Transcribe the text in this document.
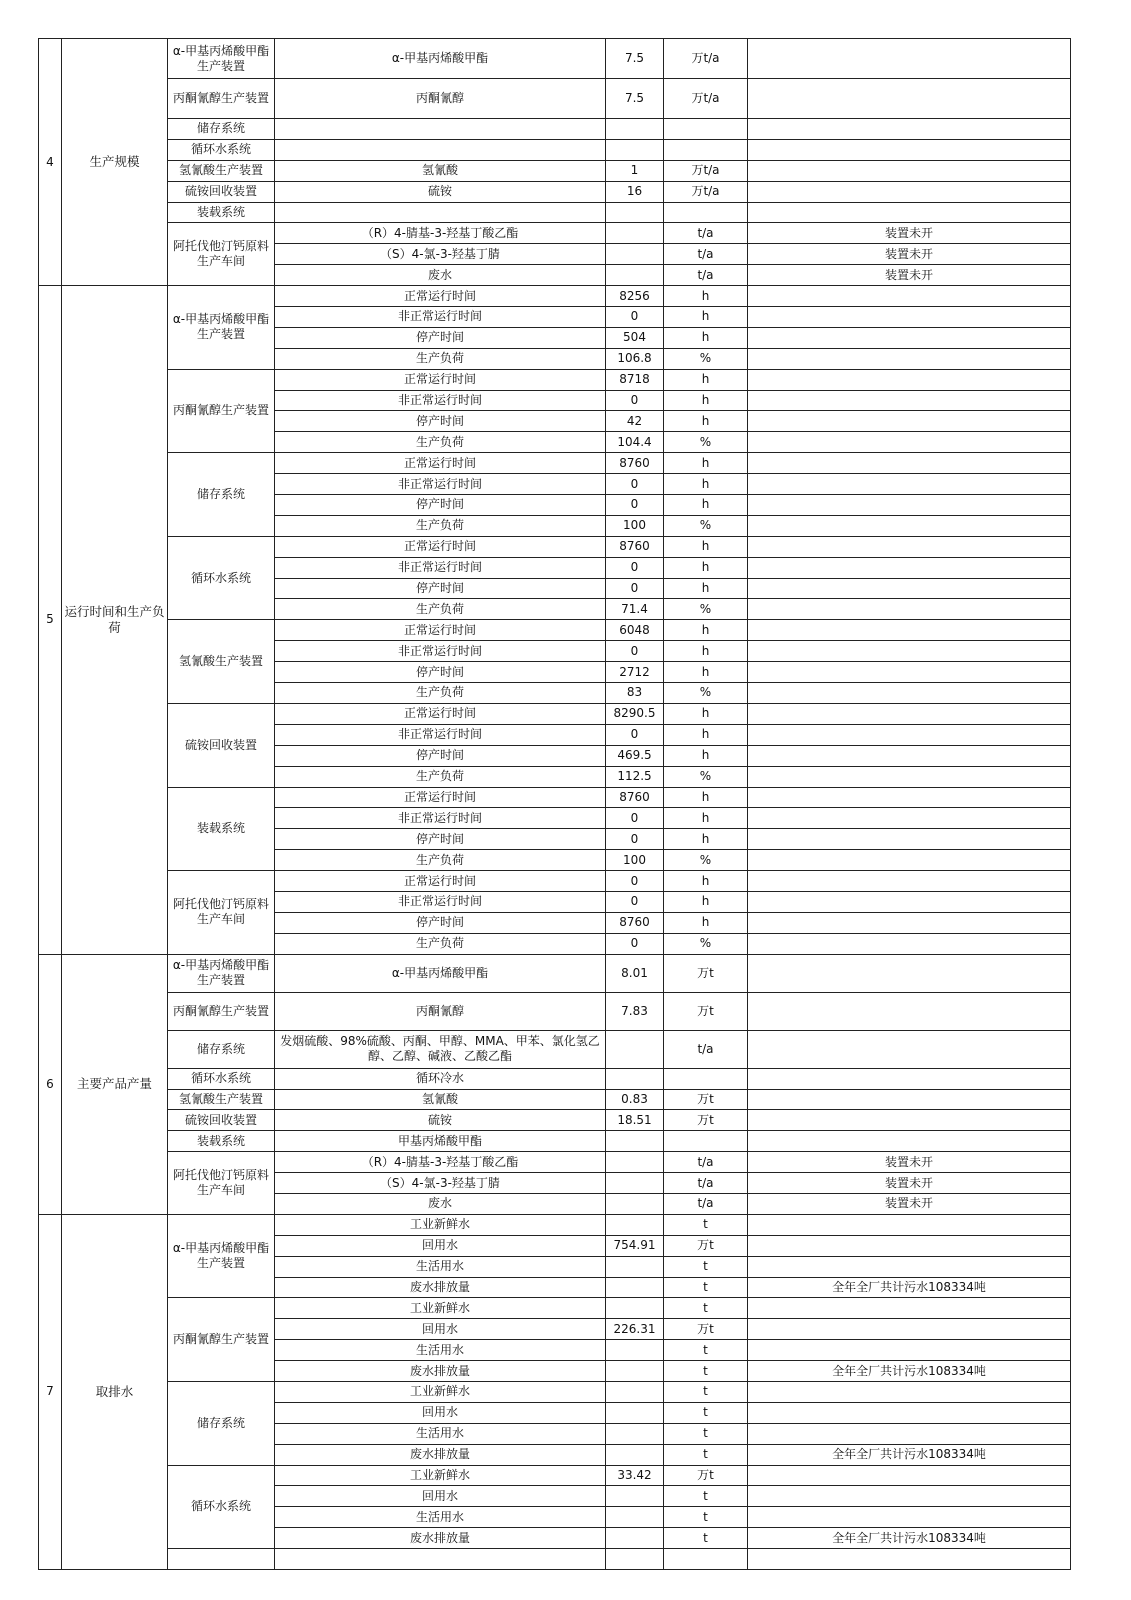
4	生产规模	α-甲基丙烯酸甲酯生产装置	α-甲基丙烯酸甲酯	7.5	万t/a	
		丙酮氰醇生产装置	丙酮氰醇	7.5	万t/a	
		储存系统				
		循环水系统				
		氢氰酸生产装置	氢氰酸	1	万t/a	
		硫铵回收装置	硫铵	16	万t/a	
		装载系统				
		阿托伐他汀钙原料生产车间	（R）4-腈基-3-羟基丁酸乙酯		t/a	装置未开
			（S）4-氯-3-羟基丁腈		t/a	装置未开
			废水		t/a	装置未开
5	运行时间和生产负荷	α-甲基丙烯酸甲酯生产装置	正常运行时间	8256	h	
			非正常运行时间	0	h	
			停产时间	504	h	
			生产负荷	106.8	%	
		丙酮氰醇生产装置	正常运行时间	8718	h	
			非正常运行时间	0	h	
			停产时间	42	h	
			生产负荷	104.4	%	
		储存系统	正常运行时间	8760	h	
			非正常运行时间	0	h	
			停产时间	0	h	
			生产负荷	100	%	
		循环水系统	正常运行时间	8760	h	
			非正常运行时间	0	h	
			停产时间	0	h	
			生产负荷	71.4	%	
		氢氰酸生产装置	正常运行时间	6048	h	
			非正常运行时间	0	h	
			停产时间	2712	h	
			生产负荷	83	%	
		硫铵回收装置	正常运行时间	8290.5	h	
			非正常运行时间	0	h	
			停产时间	469.5	h	
			生产负荷	112.5	%	
		装载系统	正常运行时间	8760	h	
			非正常运行时间	0	h	
			停产时间	0	h	
			生产负荷	100	%	
		阿托伐他汀钙原料生产车间	正常运行时间	0	h	
			非正常运行时间	0	h	
			停产时间	8760	h	
			生产负荷	0	%	
6	主要产品产量	α-甲基丙烯酸甲酯生产装置	α-甲基丙烯酸甲酯	8.01	万t	
		丙酮氰醇生产装置	丙酮氰醇	7.83	万t	
		储存系统	发烟硫酸、98%硫酸、丙酮、甲醇、MMA、甲苯、氯化氢乙醇、乙醇、碱液、乙酸乙酯		t/a	
		循环水系统	循环冷水			
		氢氰酸生产装置	氢氰酸	0.83	万t	
		硫铵回收装置	硫铵	18.51	万t	
		装载系统	甲基丙烯酸甲酯			
		阿托伐他汀钙原料生产车间	（R）4-腈基-3-羟基丁酸乙酯		t/a	装置未开
			（S）4-氯-3-羟基丁腈		t/a	装置未开
			废水		t/a	装置未开
7	取排水	α-甲基丙烯酸甲酯生产装置	工业新鲜水		t	
			回用水	754.91	万t	
			生活用水		t	
			废水排放量		t	全年全厂共计污水108334吨
		丙酮氰醇生产装置	工业新鲜水		t	
			回用水	226.31	万t	
			生活用水		t	
			废水排放量		t	全年全厂共计污水108334吨
		储存系统	工业新鲜水		t	
			回用水		t	
			生活用水		t	
			废水排放量		t	全年全厂共计污水108334吨
		循环水系统	工业新鲜水	33.42	万t	
			回用水		t	
			生活用水		t	
			废水排放量		t	全年全厂共计污水108334吨
